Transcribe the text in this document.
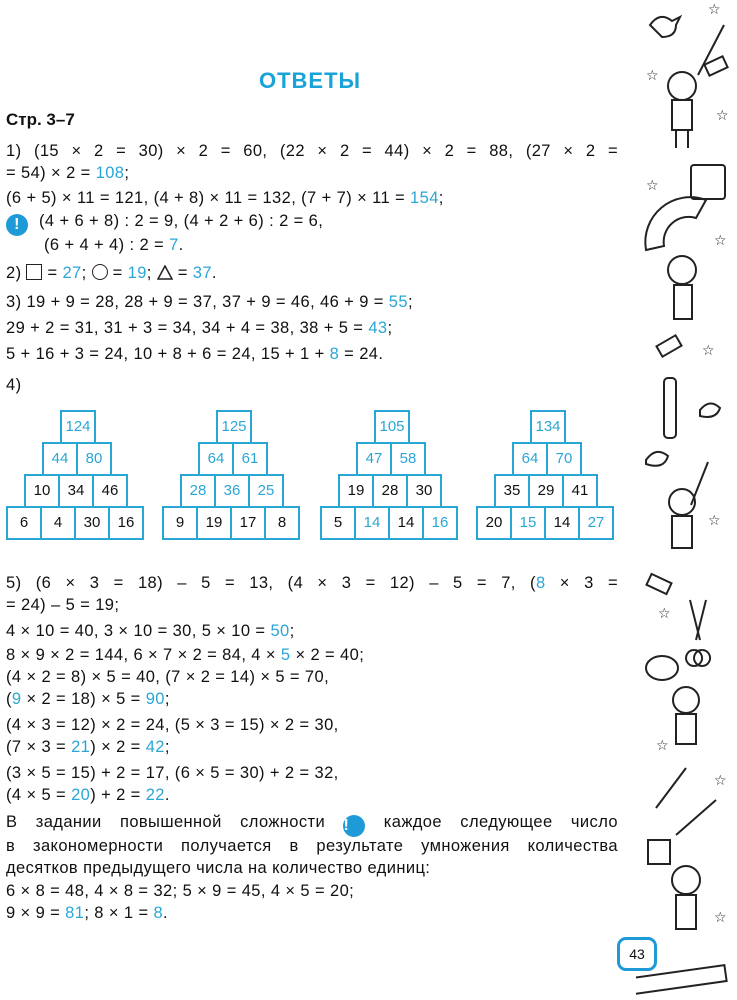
ОТВЕТЫ
Стр. 3–7
1) (15 × 2 = 30) × 2 = 60, (22 × 2 = 44) × 2 = 88, (27 × 2 =
= 54) × 2 = 108;
(6 + 5) × 11 = 121, (4 + 8) × 11 = 132, (7 + 7) × 11 = 154;
! (4 + 6 + 8) : 2 = 9, (4 + 2 + 6) : 2 = 6,
(6 + 4 + 4) : 2 = 7.
2)  = 27;  = 19;  = 37.
3) 19 + 9 = 28, 28 + 9 = 37, 37 + 9 = 46, 46 + 9 = 55;
29 + 2 = 31, 31 + 3 = 34, 34 + 4 = 38, 38 + 5 = 43;
5 + 16 + 3 = 24, 10 + 8 + 6 = 24, 15 + 1 + 8 = 24.
4)
124
44	80
10	34	46
6	4	30	16
125
64	61
28	36	25
9	19	17	8
105
47	58
19	28	30
5	14	14	16
134
64	70
35	29	41
20	15	14	27
5) (6 × 3 = 18) – 5 = 13, (4 × 3 = 12) – 5 = 7, (8 × 3 =
= 24) – 5 = 19;
4 × 10 = 40, 3 × 10 = 30, 5 × 10 = 50;
8 × 9 × 2 = 144, 6 × 7 × 2 = 84, 4 × 5 × 2 = 40;
(4 × 2 = 8) × 5 = 40, (7 × 2 = 14) × 5 = 70,
(9 × 2 = 18) × 5 = 90;
(4 × 3 = 12) × 2 = 24, (5 × 3 = 15) × 2 = 30,
(7 × 3 = 21) × 2 = 42;
(3 × 5 = 15) + 2 = 17, (6 × 5 = 30) + 2 = 32,
(4 × 5 = 20) + 2 = 22.
В задании повышенной сложности ! каждое следующее число
в закономерности получается в результате умножения количества
десятков предыдущего числа на количество единиц:
6 × 8 = 48, 4 × 8 = 32; 5 × 9 = 45, 4 × 5 = 20;
9 × 9 = 81; 8 × 1 = 8.
☆
☆
☆
☆
☆
☆
☆
☆
☆
☆
☆
43
